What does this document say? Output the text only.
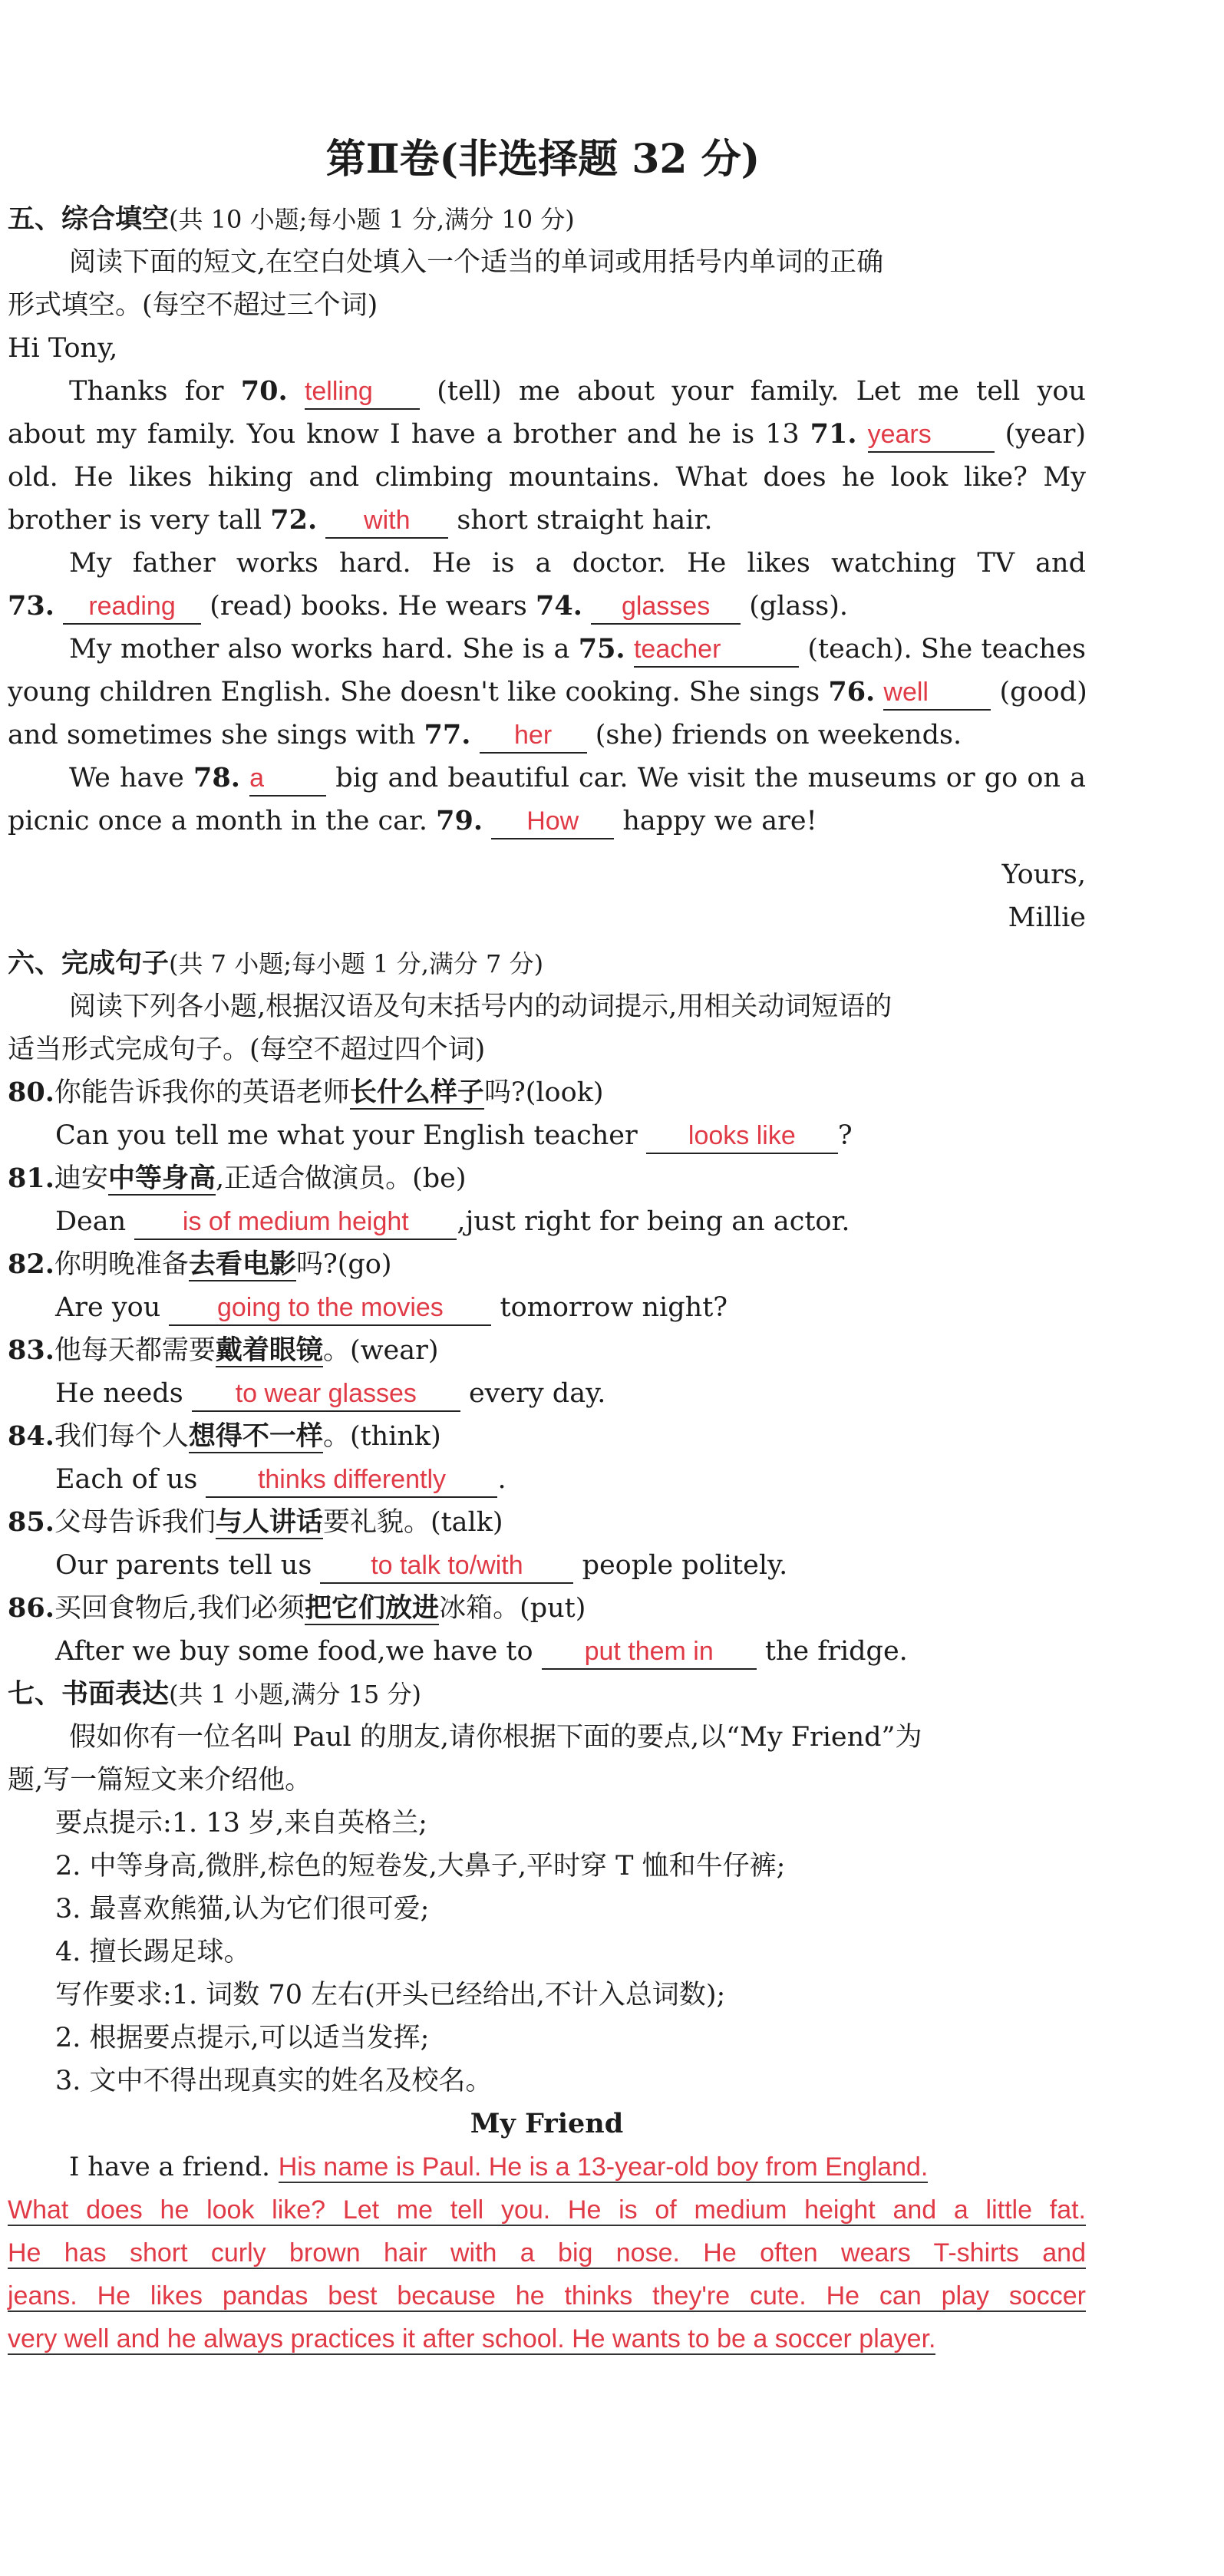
第Ⅱ卷(非选择题 32 分)
五、综合填空(共 10 小题;每小题 1 分,满分 10 分)
阅读下面的短文,在空白处填入一个适当的单词或用括号内单词的正确
形式填空。(每空不超过三个词)
Hi Tony,
Thanks for 70. telling (tell) me about your family. Let me tell you
about my family. You know I have a brother and he is 13 71. years	(year)
old. He likes hiking and climbing mountains. What does he look like? My
brother is very tall 72. with short straight hair.
My father works hard. He is a doctor. He likes watching TV and
73. reading (read) books. He wears 74. glasses (glass).
My mother also works hard. She is a 75. teacher	(teach). She teaches
young children English. She doesn't like cooking. She sings 76. well	(good)
and sometimes she sings with 77. her (she) friends on weekends.
We have 78. a	big and beautiful car. We visit the museums or go on a
picnic once a month in the car. 79. How happy we are!
Yours,
Millie
六、完成句子(共 7 小题;每小题 1 分,满分 7 分)
阅读下列各小题,根据汉语及句末括号内的动词提示,用相关动词短语的
适当形式完成句子。(每空不超过四个词)
80.你能告诉我你的英语老师长什么样子吗?(look)
Can you tell me what your English teacher looks like ?
81.迪安中等身高,正适合做演员。(be)
Dean is of medium height ,just right for being an actor.
82.你明晚准备去看电影吗?(go)
Are you going to the movies tomorrow night?
83.他每天都需要戴着眼镜。(wear)
He needs to wear glasses every day.
84.我们每个人想得不一样。(think)
Each of us thinks differently .
85.父母告诉我们与人讲话要礼貌。(talk)
Our parents tell us to talk to/with people politely.
86.买回食物后,我们必须把它们放进冰箱。(put)
After we buy some food,we have to put them in the fridge.
七、书面表达(共 1 小题,满分 15 分)
假如你有一位名叫 Paul 的朋友,请你根据下面的要点,以“My Friend”为
题,写一篇短文来介绍他。
要点提示:1. 13 岁,来自英格兰;
2. 中等身高,微胖,棕色的短卷发,大鼻子,平时穿 T 恤和牛仔裤;
3. 最喜欢熊猫,认为它们很可爱;
4. 擅长踢足球。
写作要求:1. 词数 70 左右(开头已经给出,不计入总词数);
2. 根据要点提示,可以适当发挥;
3. 文中不得出现真实的姓名及校名。
My Friend
I have a friend. His name is Paul. He is a 13-year-old boy from England.
What does he look like? Let me tell you. He is of medium height and a little fat.
He has short curly brown hair with a big nose. He often wears T-shirts and
jeans. He likes pandas best because he thinks they're cute. He can play soccer
very well and he always practices it after school. He wants to be a soccer player.
